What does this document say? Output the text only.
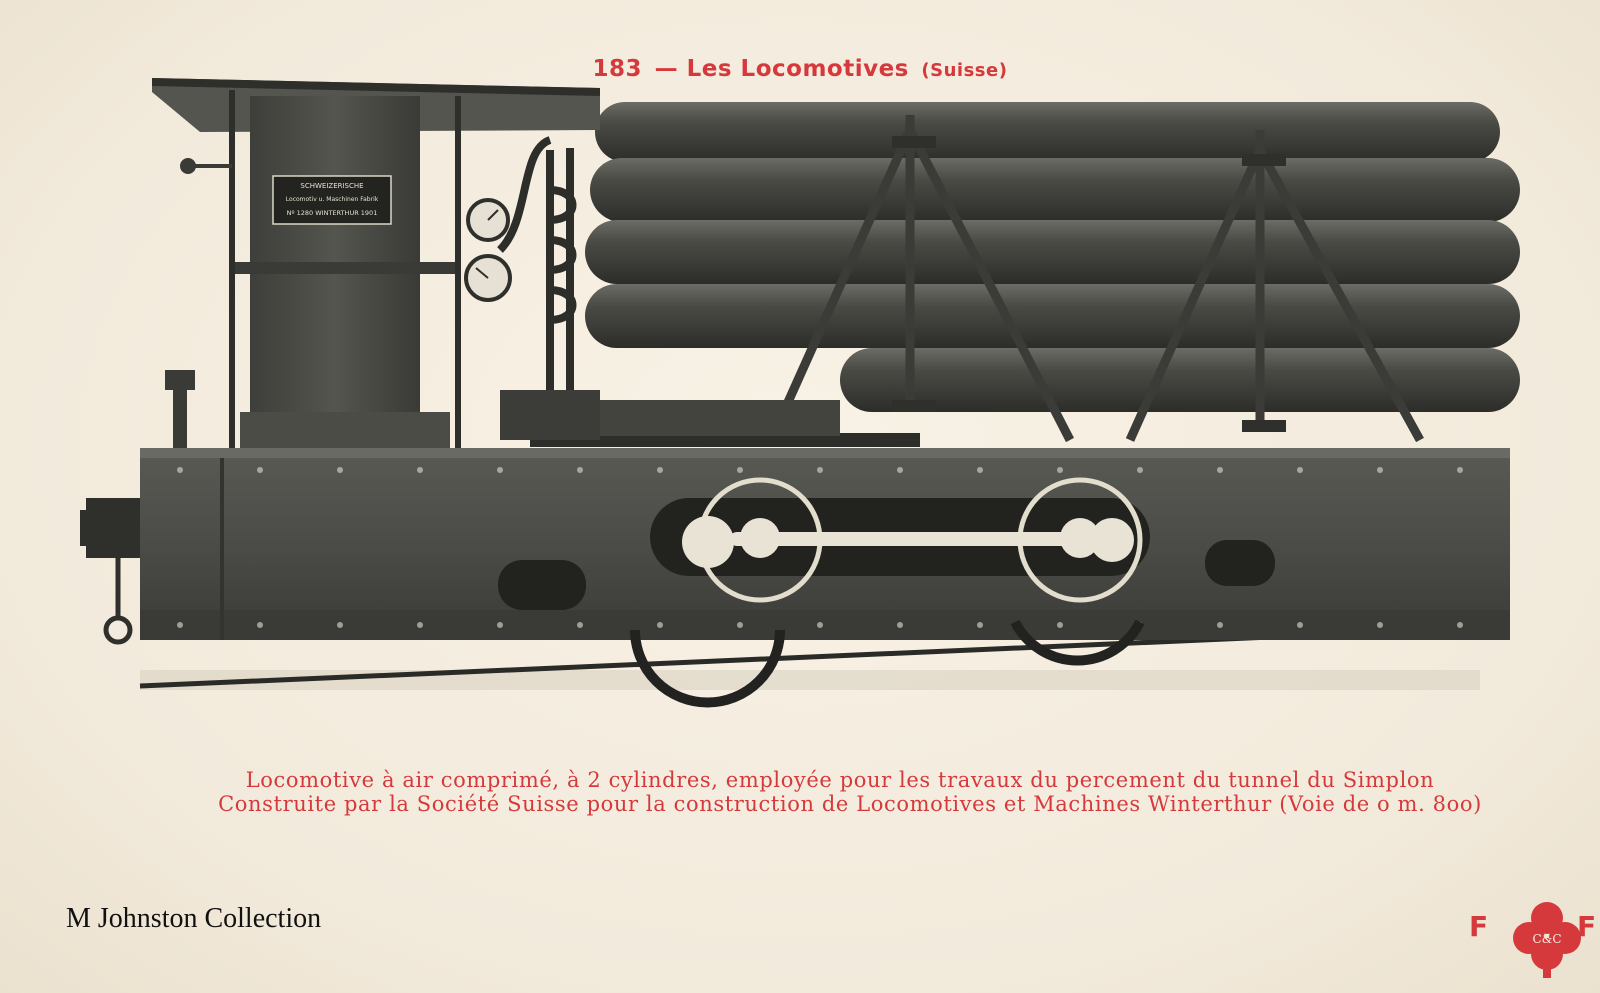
183 — Les Locomotives (Suisse)
SCHWEIZERISCHE
Locomotiv u. Maschinen Fabrik
Nº 1280 WINTERTHUR 1901
Locomotive à air comprimé, à 2 cylindres, employée pour les travaux du percement du tunnel du Simplon
Construite par la Société Suisse pour la construction de Locomotives et Machines Winterthur (Voie de o m. 8oo)
M Johnston Collection	F	C&C F
